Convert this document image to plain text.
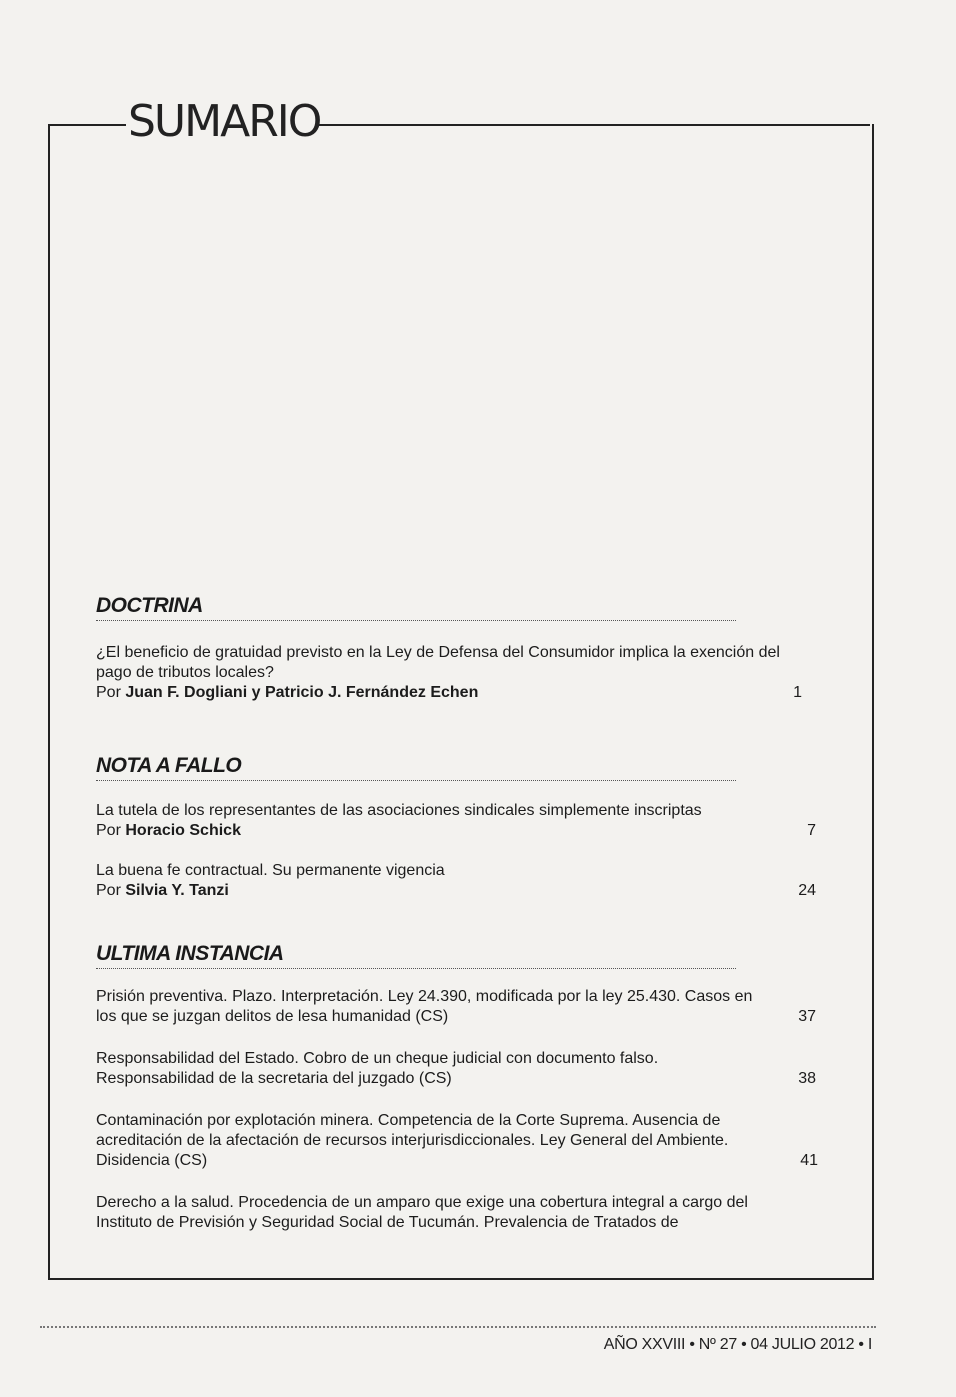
SUMARIO
DOCTRINA
¿El beneficio de gratuidad previsto en la Ley de Defensa del Consumidor implica la exención del pago de tributos locales?
Por Juan F. Dogliani y Patricio J. Fernández Echen	1
NOTA A FALLO
La tutela de los representantes de las asociaciones sindicales simplemente inscriptas
Por Horacio Schick	7
La buena fe contractual. Su permanente vigencia
Por Silvia Y. Tanzi	24
ULTIMA INSTANCIA
Prisión preventiva. Plazo. Interpretación. Ley 24.390, modificada por la ley 25.430. Casos en los que se juzgan delitos de lesa humanidad (CS)	37
Responsabilidad del Estado. Cobro de un cheque judicial con documento falso. Responsabilidad de la secretaria del juzgado (CS)	38
Contaminación por explotación minera. Competencia de la Corte Suprema. Ausencia de acreditación de la afectación de recursos interjurisdiccionales. Ley General del Ambiente. Disidencia (CS)	41
Derecho a la salud. Procedencia de un amparo que exige una cobertura integral a cargo del Instituto de Previsión y Seguridad Social de Tucumán. Prevalencia de Tratados de
AÑO XXVIII • Nº 27 • 04 JULIO 2012 • I
